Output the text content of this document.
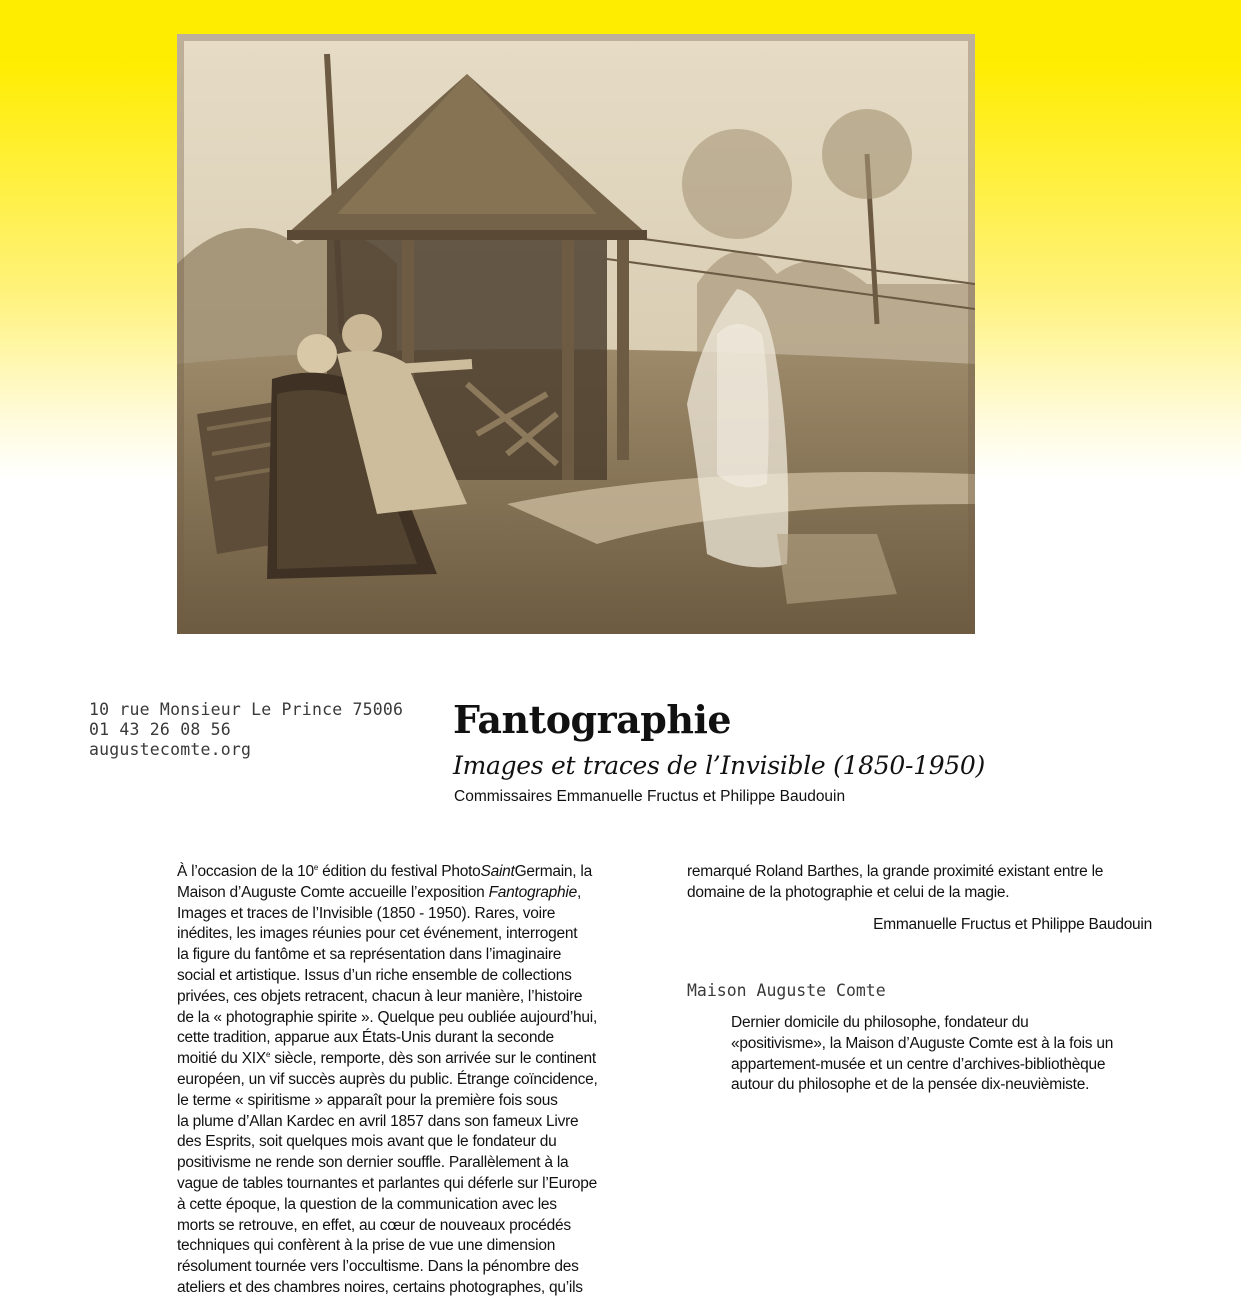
10 rue Monsieur Le Prince 75006
01 43 26 08 56
augustecomte.org
Fantographie
Images et traces de l’Invisible (1850-1950)
Commissaires Emmanuelle Fructus et Philippe Baudouin
À l’occasion de la 10e édition du festival PhotoSaintGermain, la
Maison d’Auguste Comte accueille l’exposition Fantographie,
Images et traces de l’Invisible (1850 - 1950). Rares, voire
inédites, les images réunies pour cet événement, interrogent
la figure du fantôme et sa représentation dans l’imaginaire
social et artistique. Issus d’un riche ensemble de collections
privées, ces objets retracent, chacun à leur manière, l’histoire
de la « photographie spirite ». Quelque peu oubliée aujourd’hui,
cette tradition, apparue aux États-Unis durant la seconde
moitié du XIXe siècle, remporte, dès son arrivée sur le continent
européen, un vif succès auprès du public. Étrange coïncidence,
le terme « spiritisme » apparaît pour la première fois sous
la plume d’Allan Kardec en avril 1857 dans son fameux Livre
des Esprits, soit quelques mois avant que le fondateur du
positivisme ne rende son dernier souffle. Parallèlement à la
vague de tables tournantes et parlantes qui déferle sur l’Europe
à cette époque, la question de la communication avec les
morts se retrouve, en effet, au cœur de nouveaux procédés
techniques qui confèrent à la prise de vue une dimension
résolument tournée vers l’occultisme. Dans la pénombre des
ateliers et des chambres noires, certains photographes, qu’ils
remarqué Roland Barthes, la grande proximité existant entre le
domaine de la photographie et celui de la magie.
Emmanuelle Fructus et Philippe Baudouin
Maison Auguste Comte
Dernier domicile du philosophe, fondateur du
«positivisme», la Maison d’Auguste Comte est à la fois un
appartement-musée et un centre d’archives-bibliothèque
autour du philosophe et de la pensée dix-neuvièmiste.
